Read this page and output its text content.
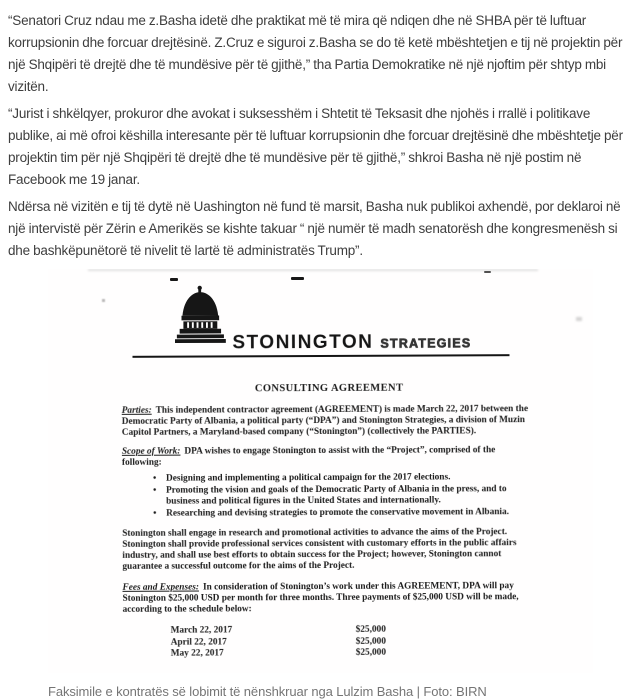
“Senatori Cruz ndau me z.Basha idetë dhe praktikat më të mira që ndiqen dhe në SHBA për të luftuar korrupsionin dhe forcuar drejtësinë. Z.Cruz e siguroi z.Basha se do të ketë mbështetjen e tij në projektin për një Shqipëri të drejtë dhe të mundësive për të gjithë,” tha Partia Demokratike në një njoftim për shtyp mbi vizitën.

“Jurist i shkëlqyer, prokuror dhe avokat i suksesshëm i Shtetit të Teksasit dhe njohës i rrallë i politikave publike, ai më ofroi këshilla interesante për të luftuar korrupsionin dhe forcuar drejtësinë dhe mbështetje për projektin tim për një Shqipëri të drejtë dhe të mundësive për të gjithë,” shkroi Basha në një postim në Facebook me 19 janar.

Ndërsa në vizitën e tij të dytë në Uashington në fund të marsit, Basha nuk publikoi axhendë, por deklaroi në një intervistë për Zërin e Amerikës se kishte takuar “ një numër të madh senatorësh dhe kongresmenësh si dhe bashkëpunëtorë të nivelit të lartë të administratës Trump”.

STONINGTON STRATEGIES
CONSULTING AGREEMENT

Parties: This independent contractor agreement (AGREEMENT) is made March 22, 2017 between the Democratic Party of Albania, a political party (“DPA”) and Stonington Strategies, a division of Muzin Capitol Partners, a Maryland-based company (“Stonington”) (collectively the PARTIES).

Scope of Work: DPA wishes to engage Stonington to assist with the “Project”, comprised of the following:

• Designing and implementing a political campaign for the 2017 elections.
• Promoting the vision and goals of the Democratic Party of Albania in the press, and to business and political figures in the United States and internationally.
• Researching and devising strategies to promote the conservative movement in Albania.

Stonington shall engage in research and promotional activities to advance the aims of the Project. Stonington shall provide professional services consistent with customary efforts in the public affairs industry, and shall use best efforts to obtain success for the Project; however, Stonington cannot guarantee a successful outcome for the aims of the Project.

Fees and Expenses: In consideration of Stonington’s work under this AGREEMENT, DPA will pay Stonington $25,000 USD per month for three months. Three payments of $25,000 USD will be made, according to the schedule below:

March 22, 2017	$25,000
April 22, 2017	$25,000
May 22, 2017	$25,000
Faksimile e kontratës së lobimit të nënshkruar nga Lulzim Basha | Foto: BIRN
